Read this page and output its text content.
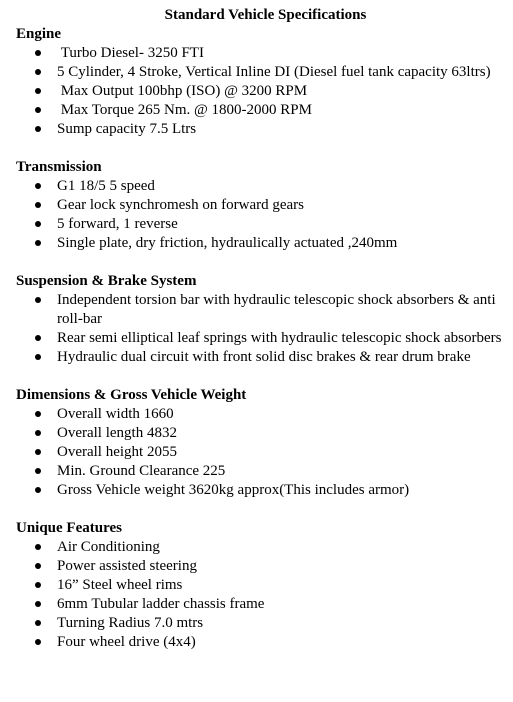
Standard Vehicle Specifications
Engine
Turbo Diesel- 3250 FTI
5 Cylinder, 4 Stroke, Vertical Inline DI (Diesel fuel tank capacity 63ltrs)
Max Output 100bhp (ISO) @ 3200 RPM
Max Torque 265 Nm. @ 1800-2000 RPM
Sump capacity 7.5 Ltrs
Transmission
G1 18/5 5 speed
Gear lock synchromesh on forward gears
5 forward, 1 reverse
Single plate, dry friction, hydraulically actuated ,240mm
Suspension & Brake System
Independent torsion bar with hydraulic telescopic shock absorbers & anti roll-bar
Rear semi elliptical leaf springs with hydraulic telescopic shock absorbers
Hydraulic dual circuit with front solid disc brakes & rear drum brake
Dimensions & Gross Vehicle Weight
Overall width 1660
Overall length 4832
Overall height 2055
Min. Ground Clearance 225
Gross Vehicle weight 3620kg approx(This includes armor)
Unique Features
Air Conditioning
Power assisted steering
16” Steel wheel rims
6mm Tubular ladder chassis frame
Turning Radius 7.0 mtrs
Four wheel drive (4x4)
